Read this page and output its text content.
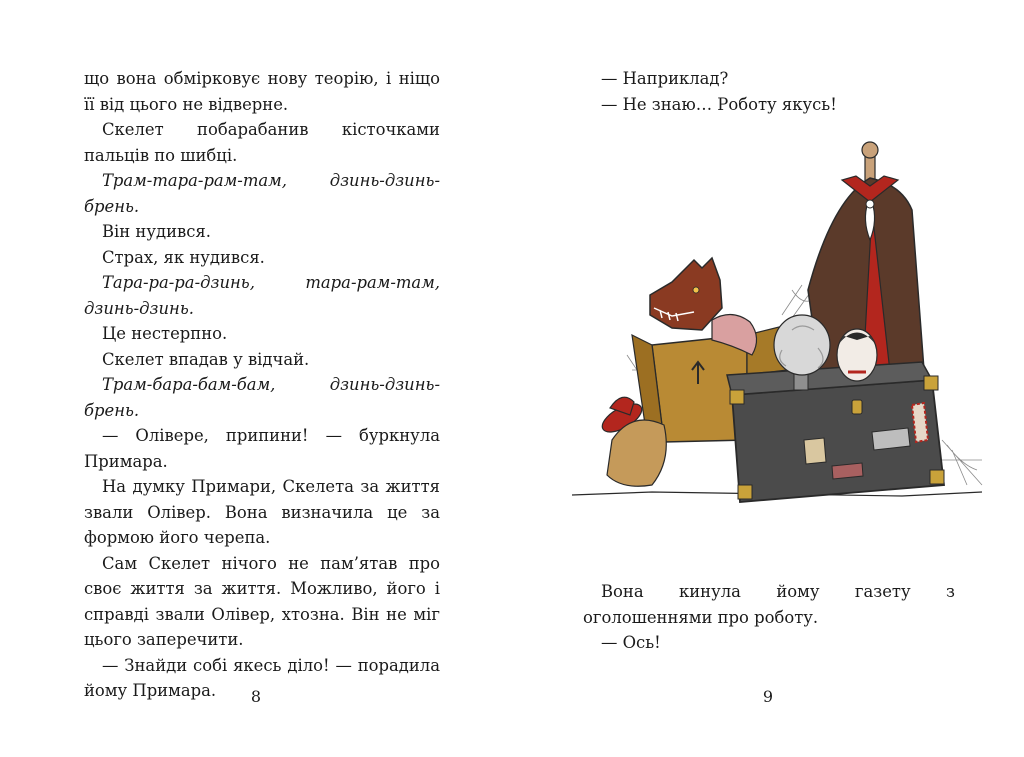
що вона обмірковує нову теорію, і ніщо її від цього не відверне.

Скелет побарабанив кісточками пальців по шибці.

Трам-тара-рам-там, дзинь-дзинь-брень.

Він нудився.

Страх, як нудився.

Тара-ра-ра-дзинь, тара-рам-там, дзинь-дзинь.

Це нестерпно.

Скелет впадав у відчай.

Трам-бара-бам-бам, дзинь-дзинь-брень.

— Олівере, припини! — буркнула Примара.

На думку Примари, Скелета за життя звали Олівер. Вона визначила це за формою його черепа.

Сам Скелет нічого не пам’ятав про своє життя за життя. Можливо, його і справді звали Олівер, хтозна. Він не міг цього заперечити.

— Знайди собі якесь діло! — порадила йому Примара.	8

— Наприклад?

— Не знаю… Роботу якусь!

Вона кинула йому газету з оголошеннями про роботу.

— Ось!

9
